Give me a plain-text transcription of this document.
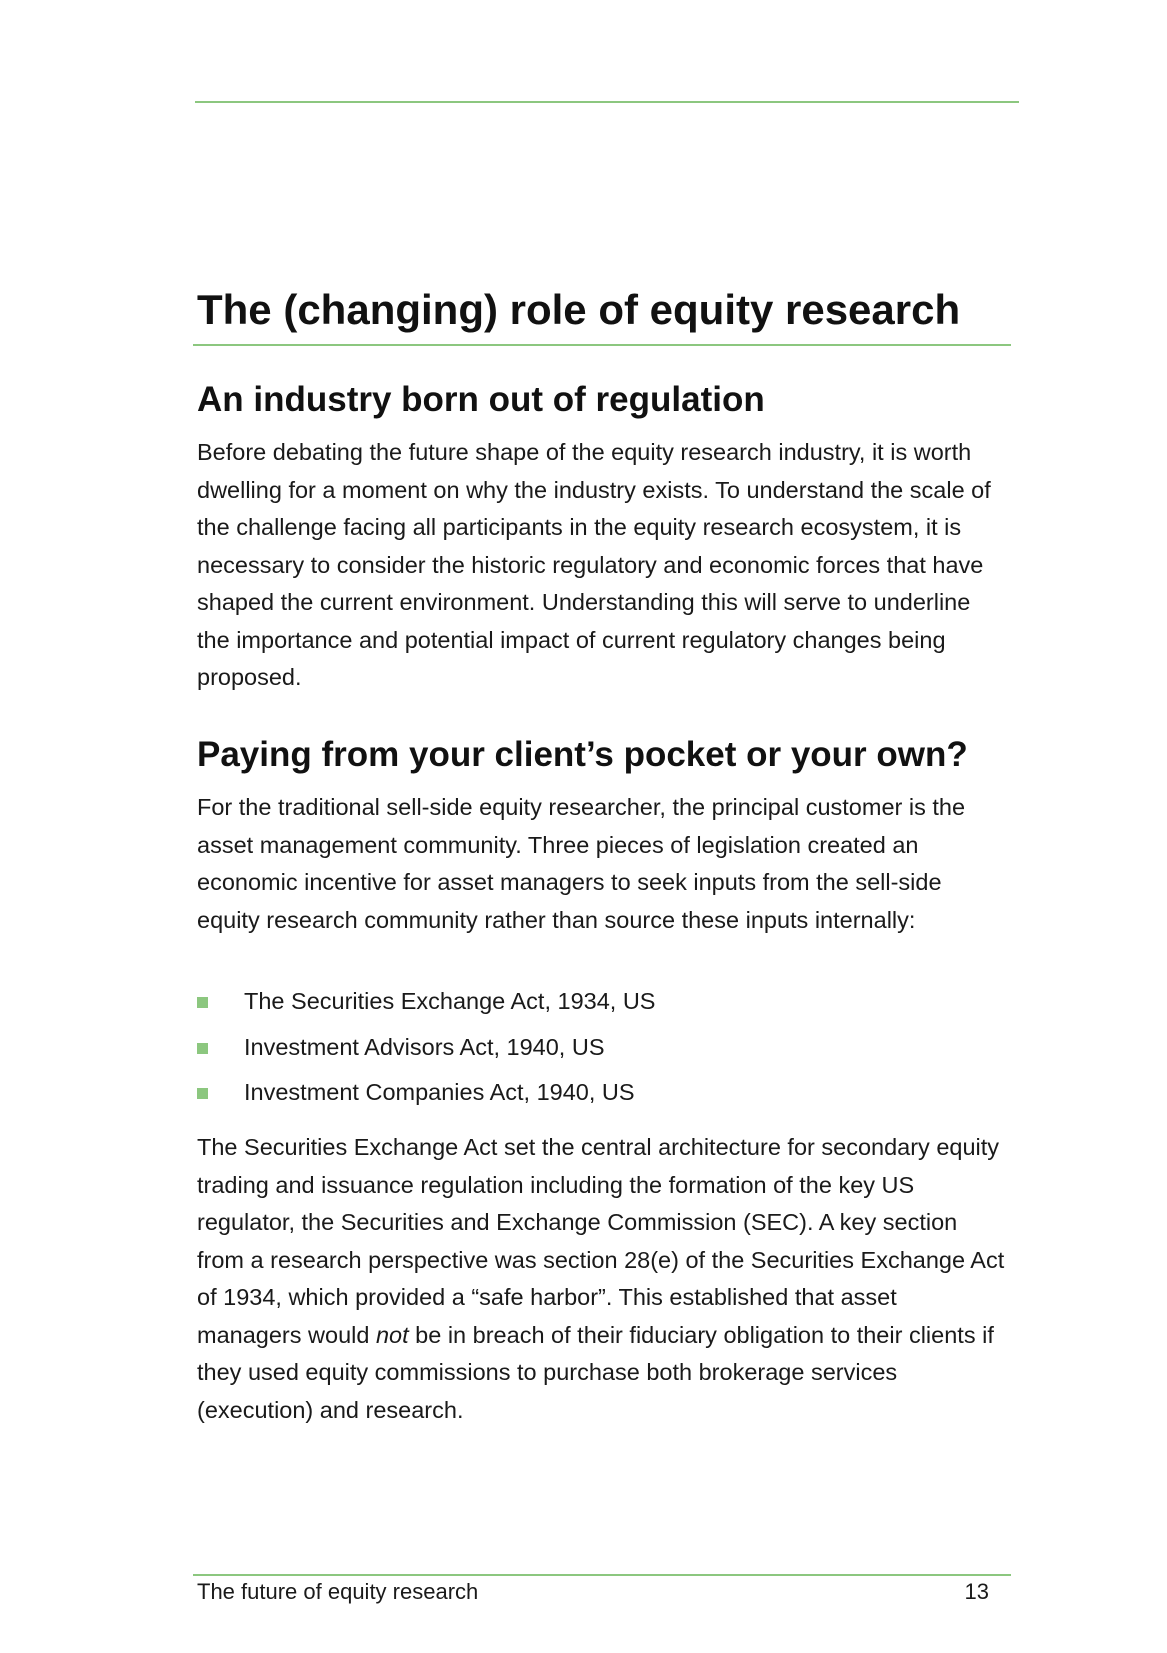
The (changing) role of equity research
An industry born out of regulation

Before debating the future shape of the equity research industry, it is worth dwelling for a moment on why the industry exists. To understand the scale of the challenge facing all participants in the equity research ecosystem, it is necessary to consider the historic regulatory and economic forces that have shaped the current environment. Understanding this will serve to underline the importance and potential impact of current regulatory changes being proposed.

Paying from your client’s pocket or your own?

For the traditional sell-side equity researcher, the principal customer is the asset management community. Three pieces of legislation created an economic incentive for asset managers to seek inputs from the sell-side equity research community rather than source these inputs internally:

The Securities Exchange Act, 1934, US
Investment Advisors Act, 1940, US
Investment Companies Act, 1940, US

The Securities Exchange Act set the central architecture for secondary equity trading and issuance regulation including the formation of the key US regulator, the Securities and Exchange Commission (SEC). A key section from a research perspective was section 28(e) of the Securities Exchange Act of 1934, which provided a “safe harbor”. This established that asset managers would not be in breach of their fiduciary obligation to their clients if they used equity commissions to purchase both brokerage services (execution) and research.

The future of equity research	13
